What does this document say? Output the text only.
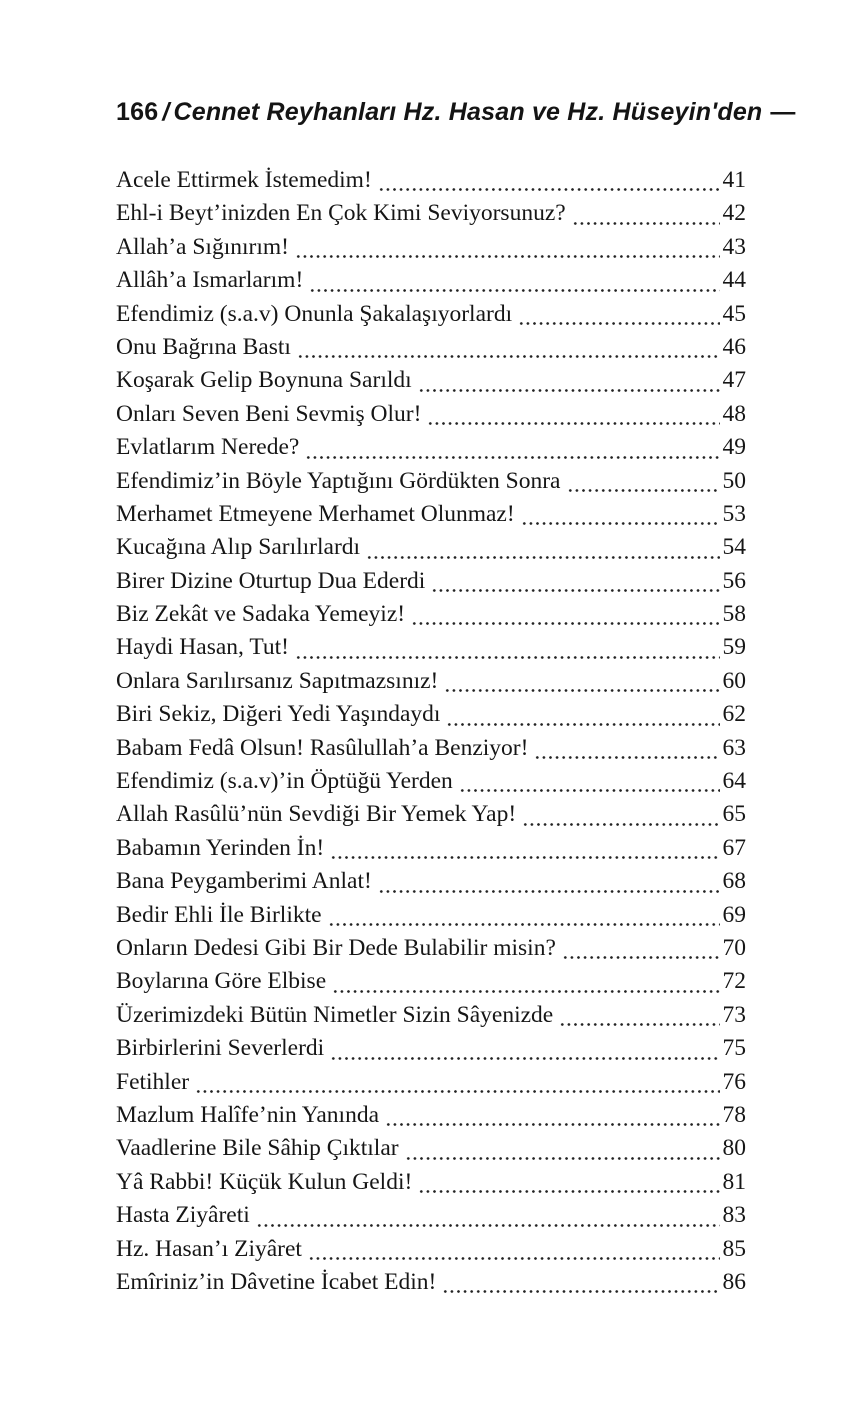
166 / Cennet Reyhanları Hz. Hasan ve Hz. Hüseyin'den —
Acele Ettirmek İstemedim!	41
Ehl-i Beyt’inizden En Çok Kimi Seviyorsunuz?	42
Allah’a Sığınırım!	43
Allâh’a Ismarlarım!	44
Efendimiz (s.a.v) Onunla Şakalaşıyorlardı	45
Onu Bağrına Bastı	46
Koşarak Gelip Boynuna Sarıldı	47
Onları Seven Beni Sevmiş Olur!	48
Evlatlarım Nerede?	49
Efendimiz’in Böyle Yaptığını Gördükten Sonra	50
Merhamet Etmeyene Merhamet Olunmaz!	53
Kucağına Alıp Sarılırlardı	54
Birer Dizine Oturtup Dua Ederdi	56
Biz Zekât ve Sadaka Yemeyiz!	58
Haydi Hasan, Tut!	59
Onlara Sarılırsanız Sapıtmazsınız!	60
Biri Sekiz, Diğeri Yedi Yaşındaydı	62
Babam Fedâ Olsun! Rasûlullah’a Benziyor!	63
Efendimiz (s.a.v)’in Öptüğü Yerden	64
Allah Rasûlü’nün Sevdiği Bir Yemek Yap!	65
Babamın Yerinden İn!	67
Bana Peygamberimi Anlat!	68
Bedir Ehli İle Birlikte	69
Onların Dedesi Gibi Bir Dede Bulabilir misin?	70
Boylarına Göre Elbise	72
Üzerimizdeki Bütün Nimetler Sizin Sâyenizde	73
Birbirlerini Severlerdi	75
Fetihler	76
Mazlum Halîfe’nin Yanında	78
Vaadlerine Bile Sâhip Çıktılar	80
Yâ Rabbi! Küçük Kulun Geldi!	81
Hasta Ziyâreti	83
Hz. Hasan’ı Ziyâret	85
Emîriniz’in Dâvetine İcabet Edin!	86
